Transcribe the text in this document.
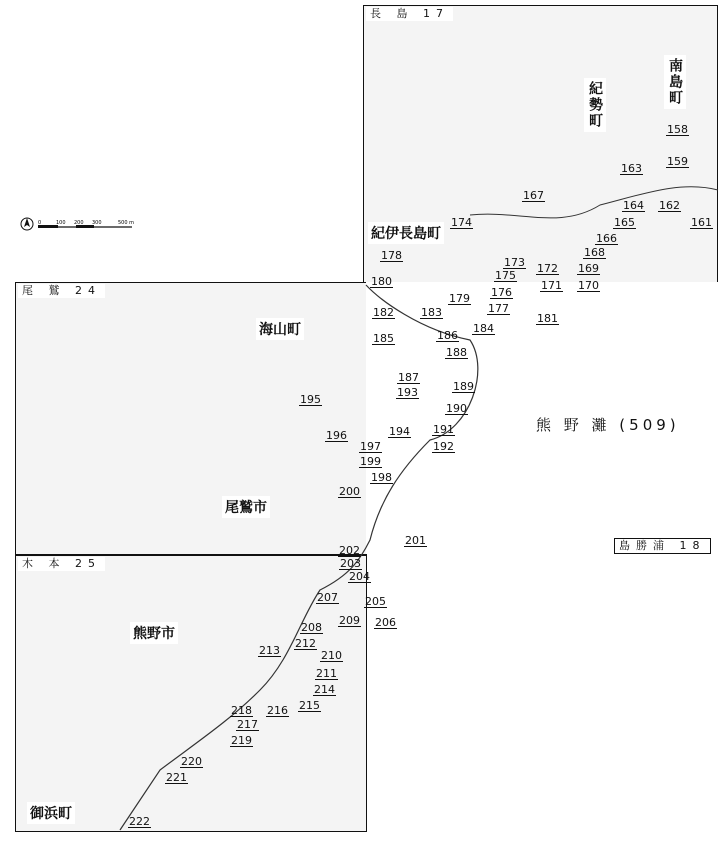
0	100 200 300	500 m
長 島 17
尾 鷲 24
木 本 25
熊 野 灘 (509)
島勝浦 18
南島町
紀勢町
紀伊長島町
海山町
尾鷲市
熊野市
御浜町
158
159
161
162
163
164
165
166
167
168
169
170
171
172
173
174
175
176
177
178
179
180
181
182 183
184
185	186
187
188
189
190
191
192
193
194
195
196
197
198
199
200
201
202
203
204
205
206
207
208
209
210
211
212
213
214
215
216
217
218
219
220
221
222
